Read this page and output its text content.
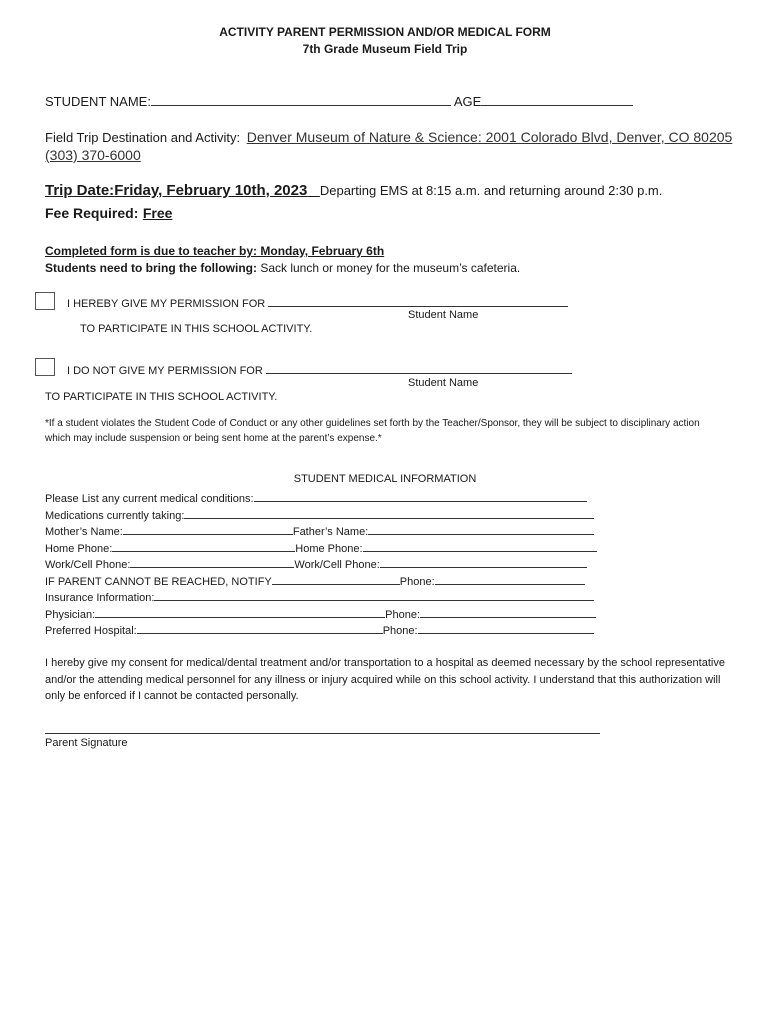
ACTIVITY PARENT PERMISSION AND/OR MEDICAL FORM
7th Grade Museum Field Trip
STUDENT NAME:	AGE
Field Trip Destination and Activity: Denver Museum of Nature & Science: 2001 Colorado Blvd, Denver, CO 80205
(303) 370-6000
Trip Date:Friday, February 10th, 2023 Departing EMS at 8:15 a.m. and returning around 2:30 p.m.
Fee Required: Free
Completed form is due to teacher by: Monday, February 6th
Students need to bring the following: Sack lunch or money for the museum’s cafeteria.
I HEREBY GIVE MY PERMISSION FOR
Student Name
TO PARTICIPATE IN THIS SCHOOL ACTIVITY.
I DO NOT GIVE MY PERMISSION FOR
Student Name
TO PARTICIPATE IN THIS SCHOOL ACTIVITY.
*If a student violates the Student Code of Conduct or any other guidelines set forth by the Teacher/Sponsor, they will be subject to disciplinary action which may include suspension or being sent home at the parent’s expense.*
STUDENT MEDICAL INFORMATION
Please List any current medical conditions:
Medications currently taking:
Mother’s Name:	Father’s Name:
Home Phone:	Home Phone:
Work/Cell Phone:	Work/Cell Phone:
IF PARENT CANNOT BE REACHED, NOTIFY	Phone:
Insurance Information:
Physician:	Phone:
Preferred Hospital:	Phone:
I hereby give my consent for medical/dental treatment and/or transportation to a hospital as deemed necessary by the school representative and/or the attending medical personnel for any illness or injury acquired while on this school activity. I understand that this authorization will only be enforced if I cannot be contacted personally.
Parent Signature
